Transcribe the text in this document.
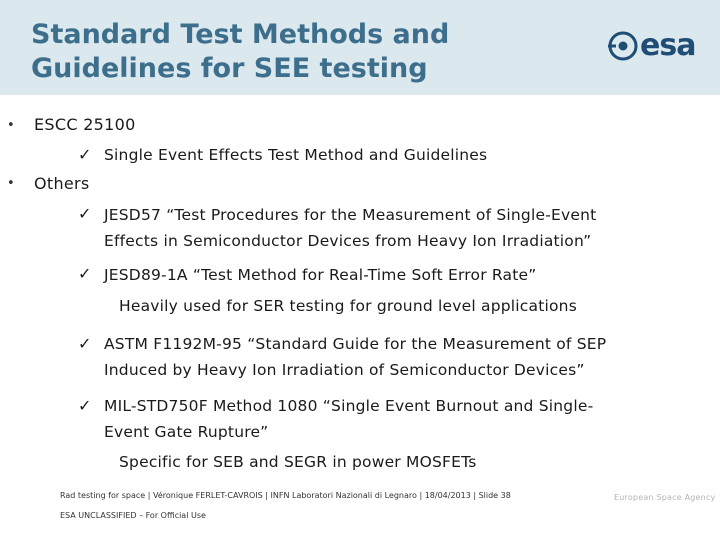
Standard Test Methods and
Guidelines for SEE testing
esa
• ESCC 25100
✓ Single Event Effects Test Method and Guidelines
• Others
✓ JESD57 “Test Procedures for the Measurement of Single-Event
Effects in Semiconductor Devices from Heavy Ion Irradiation”
✓ JESD89-1A “Test Method for Real-Time Soft Error Rate”
Heavily used for SER testing for ground level applications
✓ ASTM F1192M-95 “Standard Guide for the Measurement of SEP
Induced by Heavy Ion Irradiation of Semiconductor Devices”
✓ MIL-STD750F Method 1080 “Single Event Burnout and Single-
Event Gate Rupture”
Specific for SEB and SEGR in power MOSFETs
Rad testing for space | Véronique FERLET-CAVROIS | INFN Laboratori Nazionali di Legnaro | 18/04/2013 | Slide 38
ESA UNCLASSIFIED – For Official Use
European Space Agency
